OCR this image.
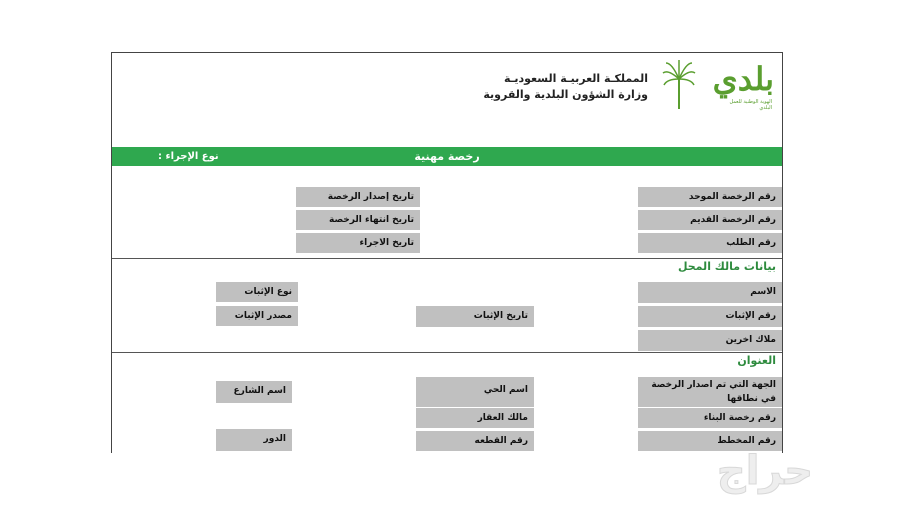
المملكـة العربيـة السعوديـة
وزارة الشؤون البلدية والقروية بلدي
الهوية الوطنية للعمل البلدي
رخصة مهنية
نوع الإجراء :
رقم الرخصة الموحد
رقم الرخصة القديم
رقم الطلب
تاريخ إصدار الرخصة
تاريخ انتهاء الرخصة
تاريخ الاجراء
بيانات مالك المحل
الاسم
نوع الإثبات
رقم الإثبات
تاريخ الإثبات
مصدر الإثبات
ملاك اخرين
العنوان
الجهة التي تم اصدار الرخصة في نطاقها
اسم الحي
اسم الشارع
رقم رخصة البناء
مالك العقار
رقم المخطط
رقم القطعه
الدور
حراج
